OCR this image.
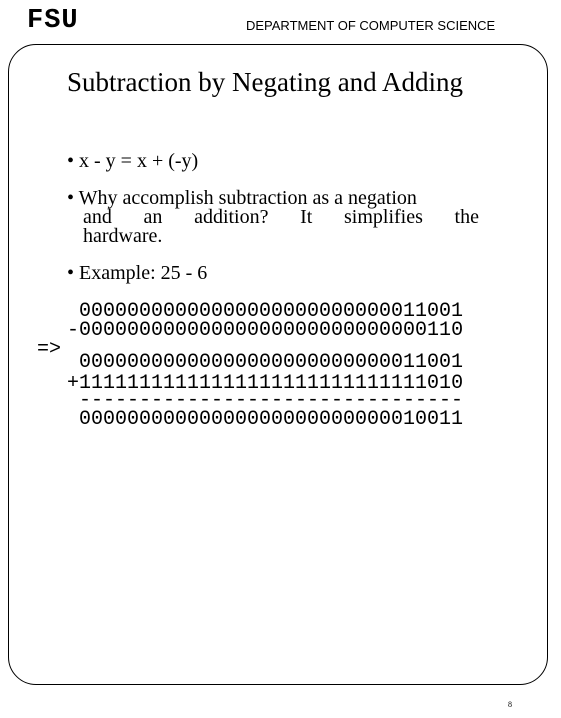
FSU	DEPARTMENT OF COMPUTER SCIENCE
Subtraction by Negating and Adding
• x - y = x + (-y)
• Why accomplish subtraction as a negation
and an addition? It simplifies the
hardware.
• Example: 25 - 6
00000000000000000000000000011001
-00000000000000000000000000000110
=>
00000000000000000000000000011001
+11111111111111111111111111111010
--------------------------------
00000000000000000000000000010011
8
